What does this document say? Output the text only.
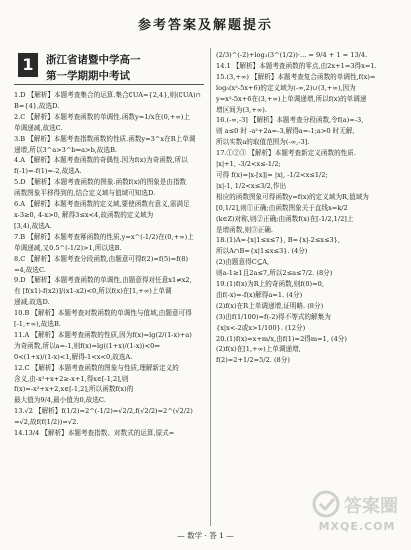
参考答案及解题提示
1	浙江省诸暨中学高一
第一学期期中考试

1.D 【解析】本题考查集合的运算.集合∁UA={2,4},则(∁UA)∩

B={4},故选D.

2.C 【解析】本题考查函数的单调性.函数y=1/x在(0,+∞)上

单调递减,故选C.

3.B 【解析】本题考查指数函数的性质.函数y=3^x在R上单调

递增,所以3^a>3^b⇔a>b,故选B.

4.A 【解析】本题考查函数的奇偶性.因为f(x)为奇函数,所以

f(-1)=-f(1)=-2,故选A.

5.D 【解析】本题考查函数的图象.函数f(x)的图象是由指数

函数图象平移得到的,结合定义域与值域可知选D.

6.A 【解析】本题考查函数的定义域,要使函数有意义,需满足

x-3≥0, 4-x>0, 解得3≤x<4,故函数的定义域为

[3,4),故选A.

7.B 【解析】本题考查幂函数的性质,y=x^(-1/2)在(0,+∞)上

单调递减,又0.5^(-1/2)>1,所以选B.

8.C 【解析】本题考查分段函数,由题意可得f(2)=f(5)=f(8)

=4,故选C.

9.D 【解析】本题考查函数的单调性,由题意得对任意x1≠x2,

有 [f(x1)-f(x2)]/(x1-x2)<0,所以f(x)在[1,+∞)上单调

递减,故选D.

10.B 【解析】本题考查对数函数的单调性与值域,由题意可得

[-1,+∞),故选B.

11.A 【解析】本题考查函数的性质,因为f(x)=lg(2/(1-x)+a)

为奇函数,所以a=-1,则f(x)=lg((1+x)/(1-x))<0⇔

0<(1+x)/(1-x)<1,解得-1<x<0,故选A.

12.C 【解析】本题考查函数的图象与性质,理解新定义的

含义,由-x²+x+2≥-x+1,得x∈[-1,2],则

f(x)=-x²+x+2,x∈[-1,2],所以函数f(x)的

最大值为9/4,最小值为0,故选C.

13.√2 【解析】f(1/2)=2^(-1/2)=√2/2,f(√2/2)=2^(√2/2)

=√2,故f(f(1/2))=√2.

14.13/4 【解析】本题考查指数、对数式的运算,原式=

(2/3)^(-2)+log₃(3^(1/2))·... = 9/4 + 1 = 13/4.

14.1 【解析】本题考查函数的零点,由2x+1=3得x=1.

15.(3,+∞) 【解析】本题考查复合函数的单调性,f(x)=

log₃(x²-5x+6)的定义域为(-∞,2)∪(3,+∞),因为

y=x²-5x+6在(3,+∞)上单调递增,所以f(x)的单调递

增区间为(3,+∞).

16.(-∞,-3] 【解析】本题考查分段函数,令f(a)=-3,

则 a≤0 时 -a²+2a=-3,解得a=-1;a>0 时无解,

所以实数a的取值范围为(-∞,-3].

17.①②③ 【解析】本题考查新定义函数的性质.

|x|+1, -3/2<x≤-1/2;

可得 f(x)=|x-[x]|= |x|, -1/2<x≤1/2;

|x|-1, 1/2<x≤3/2,作出

相应的函数图象可得函数y=f(x)的定义域为R,值域为

[0,1/2],则①正确;由函数图象关于直线x=k/2

(k∈Z)对称,则②正确;由函数f(x)在[-1/2,1/2]上

是增函数,则③正确.

18.(1)A={x|1≤x≤7}, B={x|-2≤x≤3},

所以A∩B={x|1≤x≤3}. (4分)

(2)由题意得C⊆A,

则a-1≥1且2a≤7,所以2≤a≤7/2. (8分)

19.(1)f(x)为R上的奇函数,则f(0)=0,

由f(-x)=-f(x)解得a=1. (4分)

(2)f(x)在R上单调递增,证明略. (8分)

(3)由f(1/100)=f(-2)得不等式的解集为

{x|x<-2或x>1/100}. (12分)

20.(1)f(x)=x+m/x,由f(1)=2得m=1, (4分)

(2)f(x)在[1,+∞)上单调递增,

f(2)=2+1/2=5/2. (8分)

— 数学 · 答 1 —
答案圈
MXQE.COM
